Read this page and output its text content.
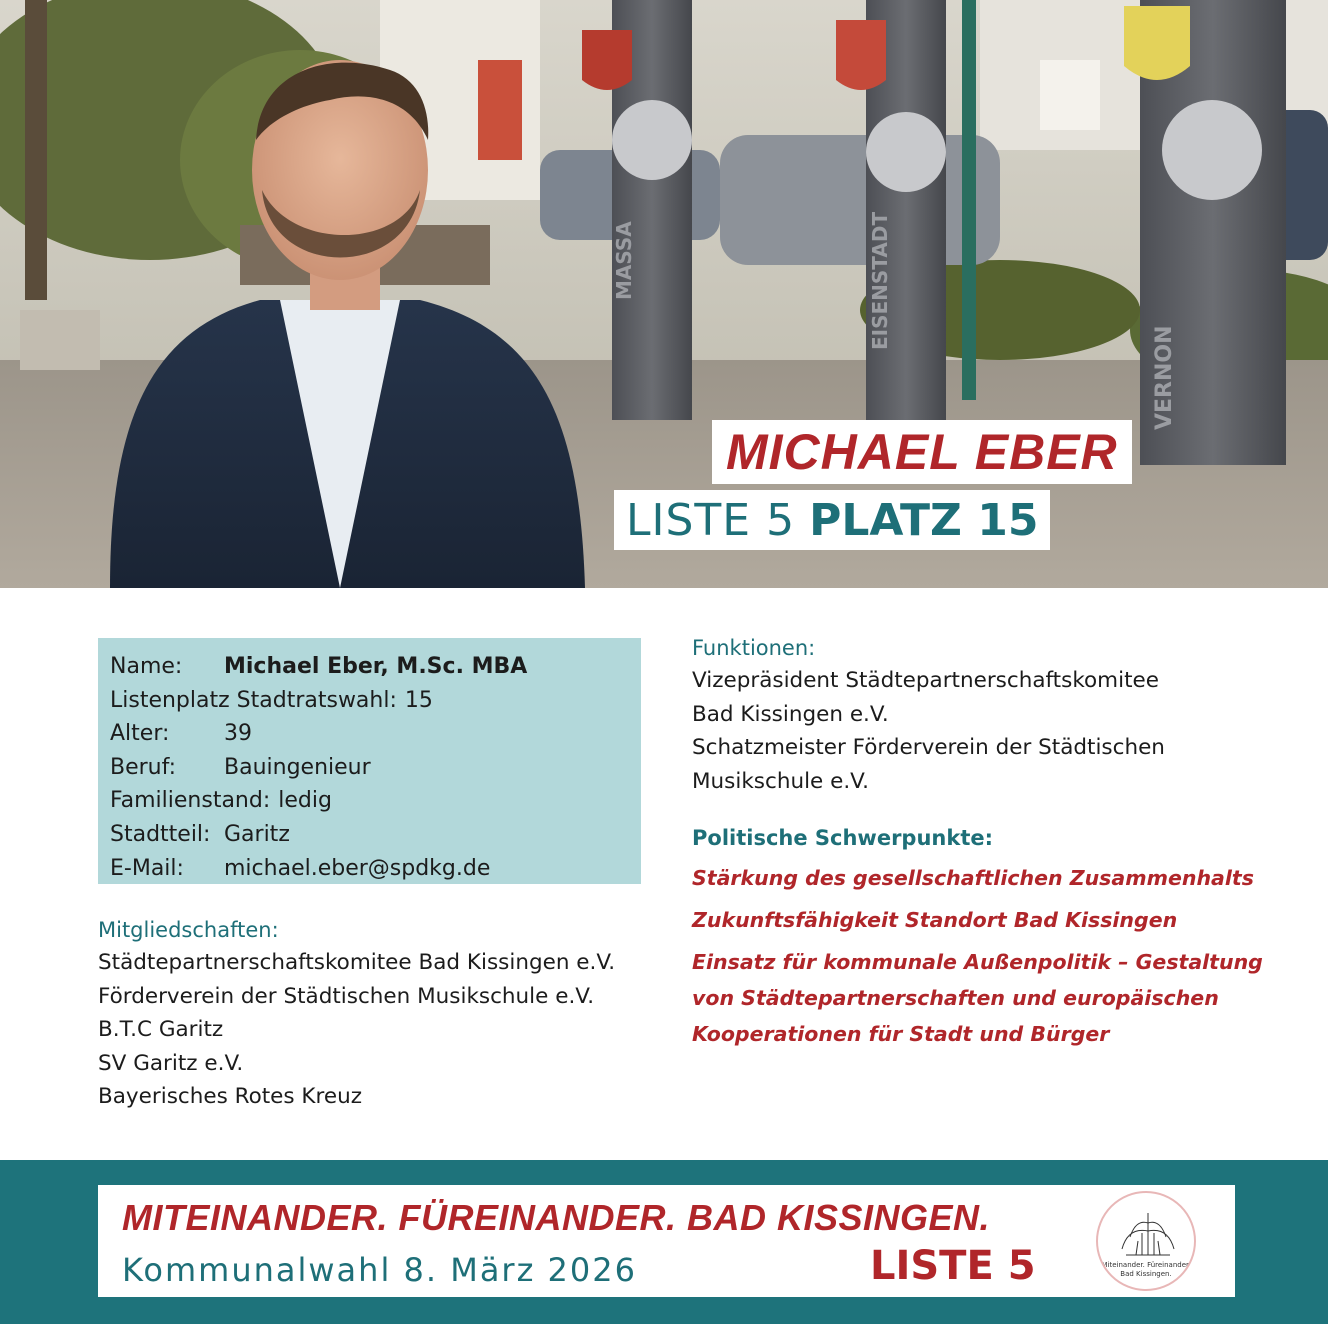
MASSA	EISENSTADT
VERNON
MICHAEL EBER
LISTE 5 PLATZ 15
Name: Michael Eber, M.Sc. MBA
Listenplatz Stadtratswahl: 15
Alter: 39
Beruf: Bauingenieur
Familienstand: ledig
Stadtteil: Garitz
E-Mail: michael.eber@spdkg.de
Mitgliedschaften:
Städtepartnerschaftskomitee Bad Kissingen e.V.
Förderverein der Städtischen Musikschule e.V.
B.T.C Garitz
SV Garitz e.V.
Bayerisches Rotes Kreuz
Funktionen:
Vizepräsident Städtepartnerschaftskomitee
Bad Kissingen e.V.
Schatzmeister Förderverein der Städtischen
Musikschule e.V.
Politische Schwerpunkte:
Stärkung des gesellschaftlichen Zusammenhalts
Zukunftsfähigkeit Standort Bad Kissingen
Einsatz für kommunale Außenpolitik – Gestaltung
von Städtepartnerschaften und europäischen
Kooperationen für Stadt und Bürger
MITEINANDER. FÜREINANDER. BAD KISSINGEN.
Kommunalwahl 8. März 2026	LISTE 5	Miteinander. Füreinander.
Bad Kissingen.
